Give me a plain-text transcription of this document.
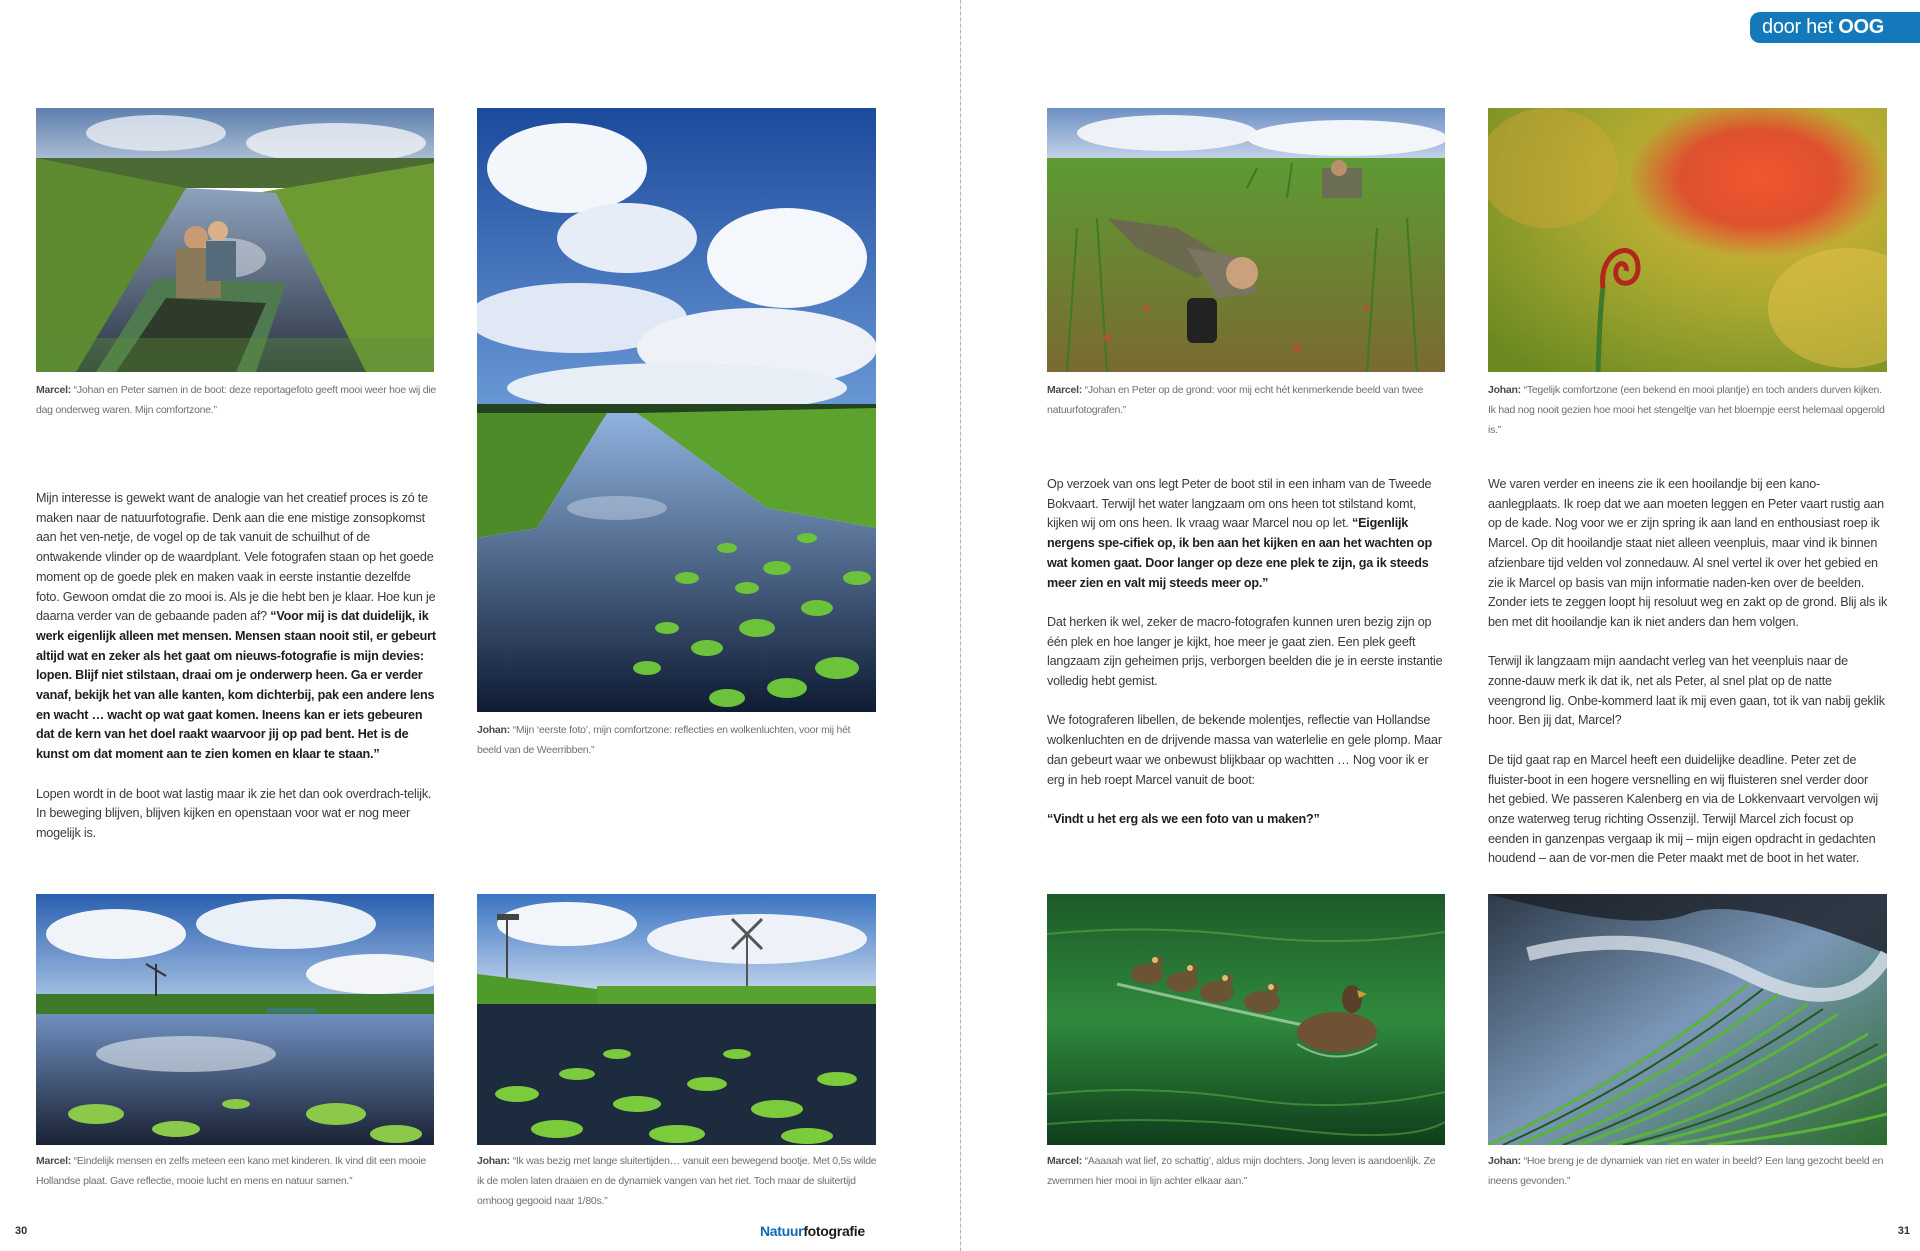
Marcel: “Johan en Peter samen in de boot: deze reportagefoto geeft mooi weer hoe wij die dag onderweg waren. Mijn comfortzone.”
Johan: “Mijn ‘eerste foto’, mijn comfortzone: reflecties en wolkenluchten, voor mij hét beeld van de Weerribben.”

Mijn interesse is gewekt want de analogie van het creatief proces is zó te maken naar de natuurfotografie. Denk aan die ene mistige zonsopkomst aan het ven-netje, de vogel op de tak vanuit de schuilhut of de ontwakende vlinder op de waardplant. Vele fotografen staan op het goede moment op de goede plek en maken vaak in eerste instantie dezelfde foto. Gewoon omdat die zo mooi is. Als je die hebt ben je klaar. Hoe kun je daarna verder van de gebaande paden af? “Voor mij is dat duidelijk, ik werk eigenlijk alleen met mensen. Mensen staan nooit stil, er gebeurt altijd wat en zeker als het gaat om nieuws-fotografie is mijn devies: lopen. Blijf niet stilstaan, draai om je onderwerp heen. Ga er verder vanaf, bekijk het van alle kanten, kom dichterbij, pak een andere lens en wacht … wacht op wat gaat komen. Ineens kan er iets gebeuren dat de kern van het doel raakt waarvoor jij op pad bent. Het is de kunst om dat moment aan te zien komen en klaar te staan.”

Lopen wordt in de boot wat lastig maar ik zie het dan ook overdrach-telijk. In beweging blijven, blijven kijken en openstaan voor wat er nog meer mogelijk is.

Marcel: “Eindelijk mensen en zelfs meteen een kano met kinderen. Ik vind dit een mooie Hollandse plaat. Gave reflectie, mooie lucht en mens en natuur samen.”
Johan: “Ik was bezig met lange sluitertijden… vanuit een bewegend bootje. Met 0,5s wilde ik de molen laten draaien en de dynamiek vangen van het riet. Toch maar de sluitertijd omhoog gegooid naar 1/80s.”
30	Natuurfotografie
door het OOG van
Marcel: “Johan en Peter op de grond: voor mij echt hét kenmerkende beeld van twee natuurfotografen.”
Johan: “Tegelijk comfortzone (een bekend en mooi plantje) en toch anders durven kijken. Ik had nog nooit gezien hoe mooi het stengeltje van het bloempje eerst helemaal opgerold is.”

Op verzoek van ons legt Peter de boot stil in een inham van de Tweede Bokvaart. Terwijl het water langzaam om ons heen tot stilstand komt, kijken wij om ons heen. Ik vraag waar Marcel nou op let. “Eigenlijk nergens spe-cifiek op, ik ben aan het kijken en aan het wachten op wat komen gaat. Door langer op deze ene plek te zijn, ga ik steeds meer zien en valt mij steeds meer op.”

Dat herken ik wel, zeker de macro-fotografen kunnen uren bezig zijn op één plek en hoe langer je kijkt, hoe meer je gaat zien. Een plek geeft langzaam zijn geheimen prijs, verborgen beelden die je in eerste instantie volledig hebt gemist.

We fotograferen libellen, de bekende molentjes, reflectie van Hollandse wolkenluchten en de drijvende massa van waterlelie en gele plomp. Maar dan gebeurt waar we onbewust blijkbaar op wachtten … Nog voor ik er erg in heb roept Marcel vanuit de boot:

“Vindt u het erg als we een foto van u maken?”

We varen verder en ineens zie ik een hooilandje bij een kano-aanlegplaats. Ik roep dat we aan moeten leggen en Peter vaart rustig aan op de kade. Nog voor we er zijn spring ik aan land en enthousiast roep ik Marcel. Op dit hooilandje staat niet alleen veenpluis, maar vind ik binnen afzienbare tijd velden vol zonnedauw. Al snel vertel ik over het gebied en zie ik Marcel op basis van mijn informatie naden-ken over de beelden. Zonder iets te zeggen loopt hij resoluut weg en zakt op de grond. Blij als ik ben met dit hooilandje kan ik niet anders dan hem volgen.

Terwijl ik langzaam mijn aandacht verleg van het veenpluis naar de zonne-dauw merk ik dat ik, net als Peter, al snel plat op de natte veengrond lig. Onbe-kommerd laat ik mij even gaan, tot ik van nabij geklik hoor. Ben jij dat, Marcel?

De tijd gaat rap en Marcel heeft een duidelijke deadline. Peter zet de fluister-boot in een hogere versnelling en wij fluisteren snel verder door het gebied. We passeren Kalenberg en via de Lokkenvaart vervolgen wij onze waterweg terug richting Ossenzijl. Terwijl Marcel zich focust op eenden in ganzenpas vergaap ik mij – mijn eigen opdracht in gedachten houdend – aan de vor-men die Peter maakt met de boot in het water.

Marcel: “Aaaaah wat lief, zo schattig’, aldus mijn dochters. Jong leven is aandoenlijk. Ze zwemmen hier mooi in lijn achter elkaar aan.”
Johan: “Hoe breng je de dynamiek van riet en water in beeld? Een lang gezocht beeld en ineens gevonden.”
31
